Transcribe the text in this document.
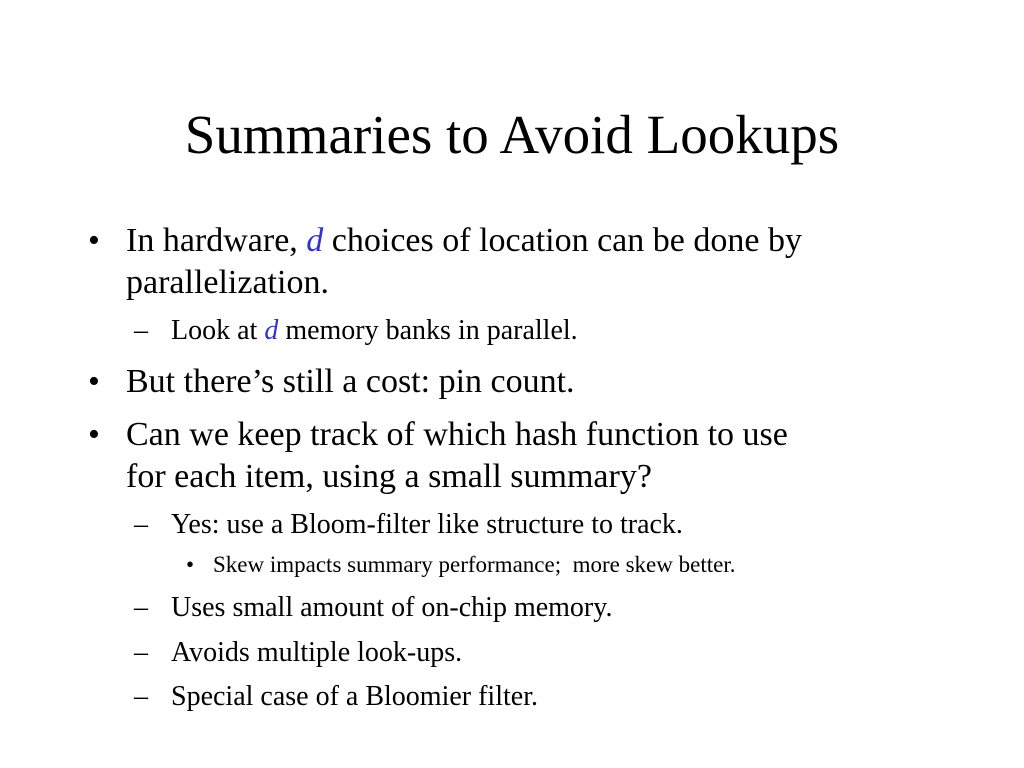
Summaries to Avoid Lookups
• In hardware, d choices of location can be done by
parallelization.
– Look at d memory banks in parallel.
• But there’s still a cost: pin count.
• Can we keep track of which hash function to use
for each item, using a small summary?
– Yes: use a Bloom-filter like structure to track.
• Skew impacts summary performance;  more skew better.
– Uses small amount of on-chip memory.
– Avoids multiple look-ups.
– Special case of a Bloomier filter.
